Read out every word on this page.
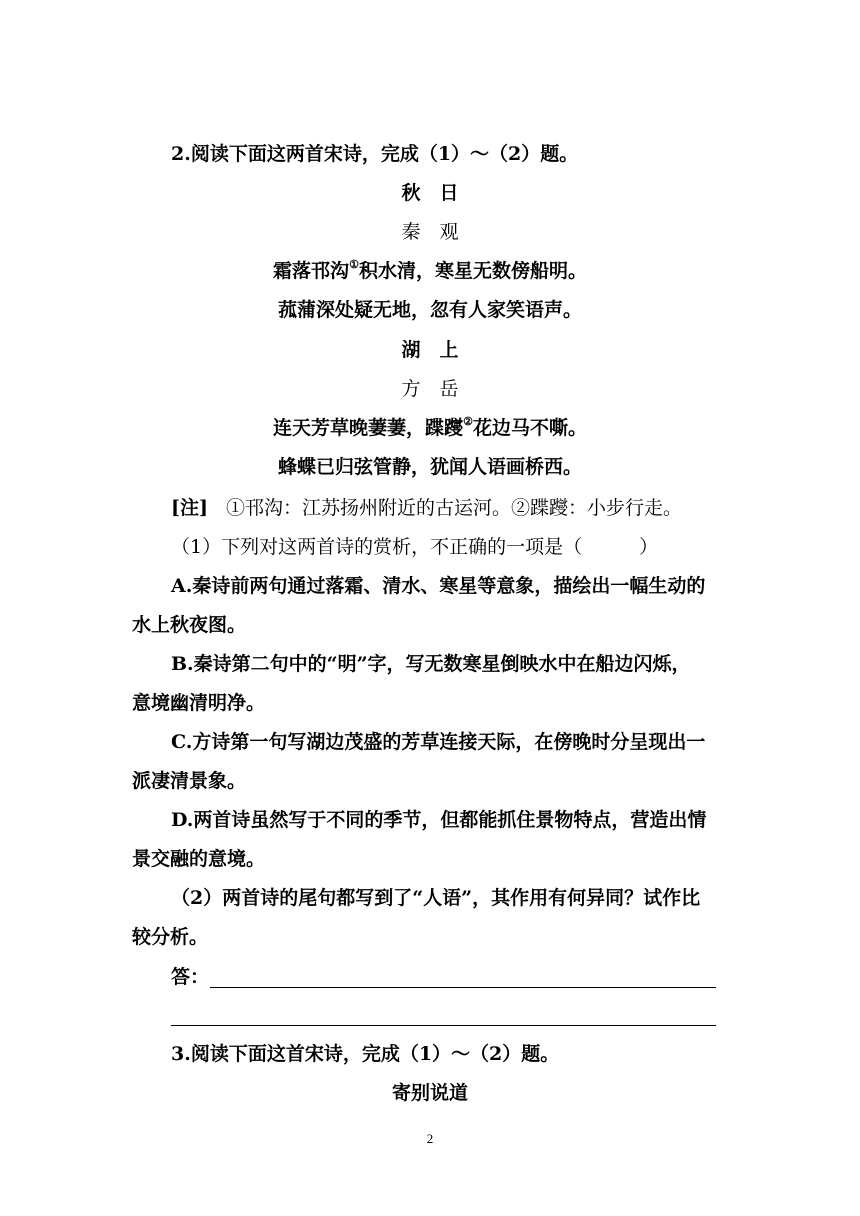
2.阅读下面这两首宋诗，完成（1）～（2）题。
秋　日
秦　观
霜落邗沟①积水清，寒星无数傍船明。
菰蒲深处疑无地，忽有人家笑语声。
湖　上
方　岳
连天芳草晚萋萋，蹀躞②花边马不嘶。
蜂蝶已归弦管静，犹闻人语画桥西。
[注] ①邗沟：江苏扬州附近的古运河。②蹀躞：小步行走。
（1）下列对这两首诗的赏析，不正确的一项是（　　　）
A.秦诗前两句通过落霜、清水、寒星等意象，描绘出一幅生动的
水上秋夜图。
B.秦诗第二句中的“明”字，写无数寒星倒映水中在船边闪烁，
意境幽清明净。
C.方诗第一句写湖边茂盛的芳草连接天际，在傍晚时分呈现出一
派凄清景象。
D.两首诗虽然写于不同的季节，但都能抓住景物特点，营造出情
景交融的意境。
（2）两首诗的尾句都写到了“人语”，其作用有何异同？试作比
较分析。
答：
3.阅读下面这首宋诗，完成（1）～（2）题。
寄别说道
2
